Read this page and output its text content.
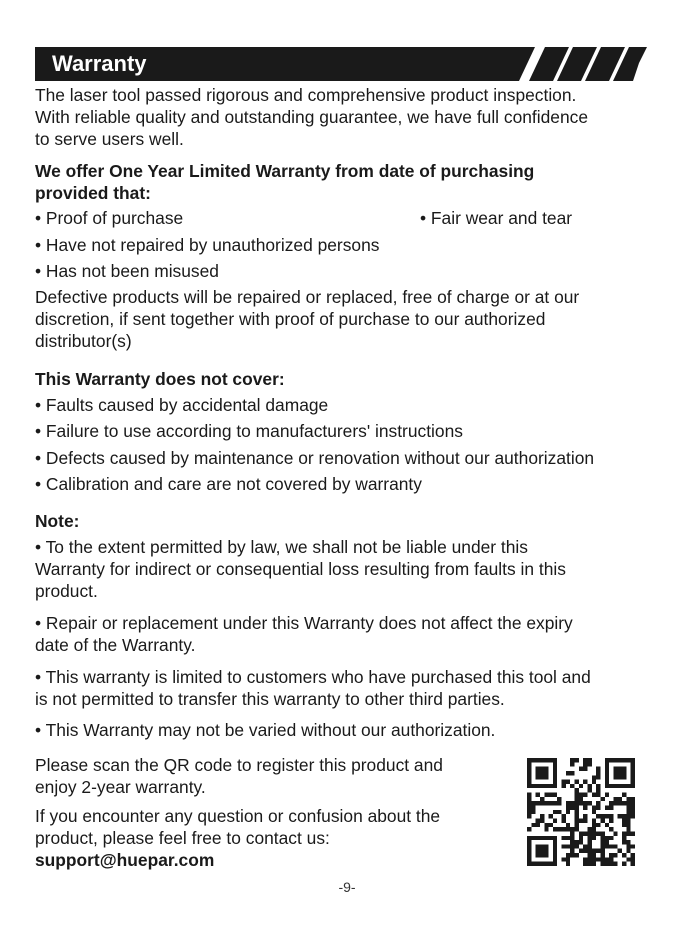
Warranty

The laser tool passed rigorous and comprehensive product inspection.

With reliable quality and outstanding guarantee, we have full confidence

to serve users well.

We offer One Year Limited Warranty from date of purchasing

provided that:

• Proof of purchase	• Fair wear and tear

• Have not repaired by unauthorized persons

• Has not been misused

Defective products will be repaired or replaced, free of charge or at our

discretion, if sent together with proof of purchase to our authorized

distributor(s)

This Warranty does not cover:

• Faults caused by accidental damage

• Failure to use according to manufacturers' instructions

• Defects caused by maintenance or renovation without our authorization

• Calibration and care are not covered by warranty

Note:

• To the extent permitted by law, we shall not be liable under this

Warranty for indirect or consequential loss resulting from faults in this

product.

• Repair or replacement under this Warranty does not affect the expiry

date of the Warranty.

• This warranty is limited to customers who have purchased this tool and

is not permitted to transfer this warranty to other third parties.

• This Warranty may not be varied without our authorization.

Please scan the QR code to register this product and

enjoy 2-year warranty.

If you encounter any question or confusion about the

product, please feel free to contact us:

support@huepar.com

-9-
